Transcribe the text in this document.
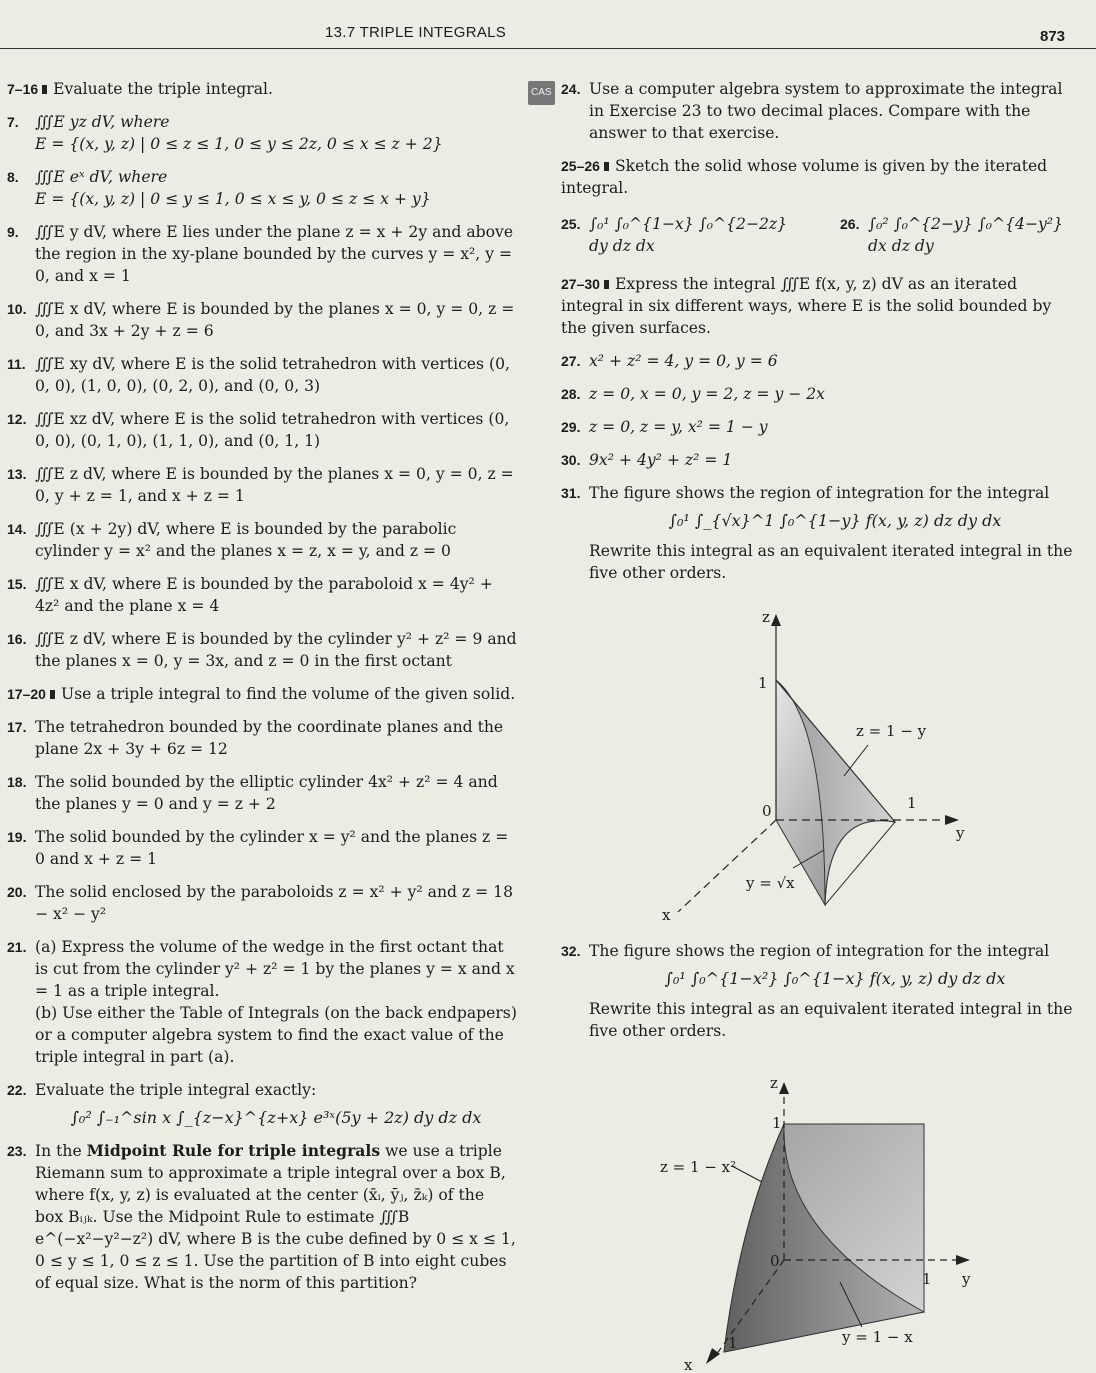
13.7 TRIPLE INTEGRALS	873
7–16 Evaluate the triple integral.
7. ∭E yz dV, where
E = {(x, y, z) | 0 ≤ z ≤ 1, 0 ≤ y ≤ 2z, 0 ≤ x ≤ z + 2}
8. ∭E eˣ dV, where
E = {(x, y, z) | 0 ≤ y ≤ 1, 0 ≤ x ≤ y, 0 ≤ z ≤ x + y}
9. ∭E y dV, where E lies under the plane z = x + 2y and above the region in the xy-plane bounded by the curves y = x², y = 0, and x = 1
10. ∭E x dV, where E is bounded by the planes x = 0, y = 0, z = 0, and 3x + 2y + z = 6
11. ∭E xy dV, where E is the solid tetrahedron with vertices (0, 0, 0), (1, 0, 0), (0, 2, 0), and (0, 0, 3)
12. ∭E xz dV, where E is the solid tetrahedron with vertices (0, 0, 0), (0, 1, 0), (1, 1, 0), and (0, 1, 1)
13. ∭E z dV, where E is bounded by the planes x = 0, y = 0, z = 0, y + z = 1, and x + z = 1
14. ∭E (x + 2y) dV, where E is bounded by the parabolic cylinder y = x² and the planes x = z, x = y, and z = 0
15. ∭E x dV, where E is bounded by the paraboloid x = 4y² + 4z² and the plane x = 4
16. ∭E z dV, where E is bounded by the cylinder y² + z² = 9 and the planes x = 0, y = 3x, and z = 0 in the first octant
17–20 Use a triple integral to find the volume of the given solid.
17. The tetrahedron bounded by the coordinate planes and the plane 2x + 3y + 6z = 12
18. The solid bounded by the elliptic cylinder 4x² + z² = 4 and the planes y = 0 and y = z + 2
19. The solid bounded by the cylinder x = y² and the planes z = 0 and x + z = 1
20. The solid enclosed by the paraboloids z = x² + y² and z = 18 − x² − y²
21. (a) Express the volume of the wedge in the first octant that is cut from the cylinder y² + z² = 1 by the planes y = x and x = 1 as a triple integral.
(b) Use either the Table of Integrals (on the back endpapers) or a computer algebra system to find the exact value of the triple integral in part (a).
22. Evaluate the triple integral exactly:
∫₀² ∫₋₁^sin x ∫_{z−x}^{z+x} e³ˣ(5y + 2z) dy dz dx
23. In the Midpoint Rule for triple integrals we use a triple Riemann sum to approximate a triple integral over a box B, where f(x, y, z) is evaluated at the center (x̄ᵢ, ȳⱼ, z̄ₖ) of the box Bᵢⱼₖ. Use the Midpoint Rule to estimate ∭B e^(−x²−y²−z²) dV, where B is the cube defined by 0 ≤ x ≤ 1, 0 ≤ y ≤ 1, 0 ≤ z ≤ 1. Use the partition of B into eight cubes of equal size. What is the norm of this partition?
CAS 24. Use a computer algebra system to approximate the integral in Exercise 23 to two decimal places. Compare with the answer to that exercise.
25–26 Sketch the solid whose volume is given by the iterated integral.
25. ∫₀¹ ∫₀^{1−x} ∫₀^{2−2z} dy dz dx
26. ∫₀² ∫₀^{2−y} ∫₀^{4−y²} dx dz dy
27–30 Express the integral ∭E f(x, y, z) dV as an iterated integral in six different ways, where E is the solid bounded by the given surfaces.
27. x² + z² = 4, y = 0, y = 6
28. z = 0, x = 0, y = 2, z = y − 2x
29. z = 0, z = y, x² = 1 − y
30. 9x² + 4y² + z² = 1
31. The figure shows the region of integration for the integral
∫₀¹ ∫_{√x}^1 ∫₀^{1−y} f(x, y, z) dz dy dx
Rewrite this integral as an equivalent iterated integral in the five other orders.
z
y
x
1
1
0
z = 1 − y
y = √x
32. The figure shows the region of integration for the integral
∫₀¹ ∫₀^{1−x²} ∫₀^{1−x} f(x, y, z) dy dz dx
Rewrite this integral as an equivalent iterated integral in the five other orders.
z
y
x
1
1
1
0
z = 1 − x²
y = 1 − x
